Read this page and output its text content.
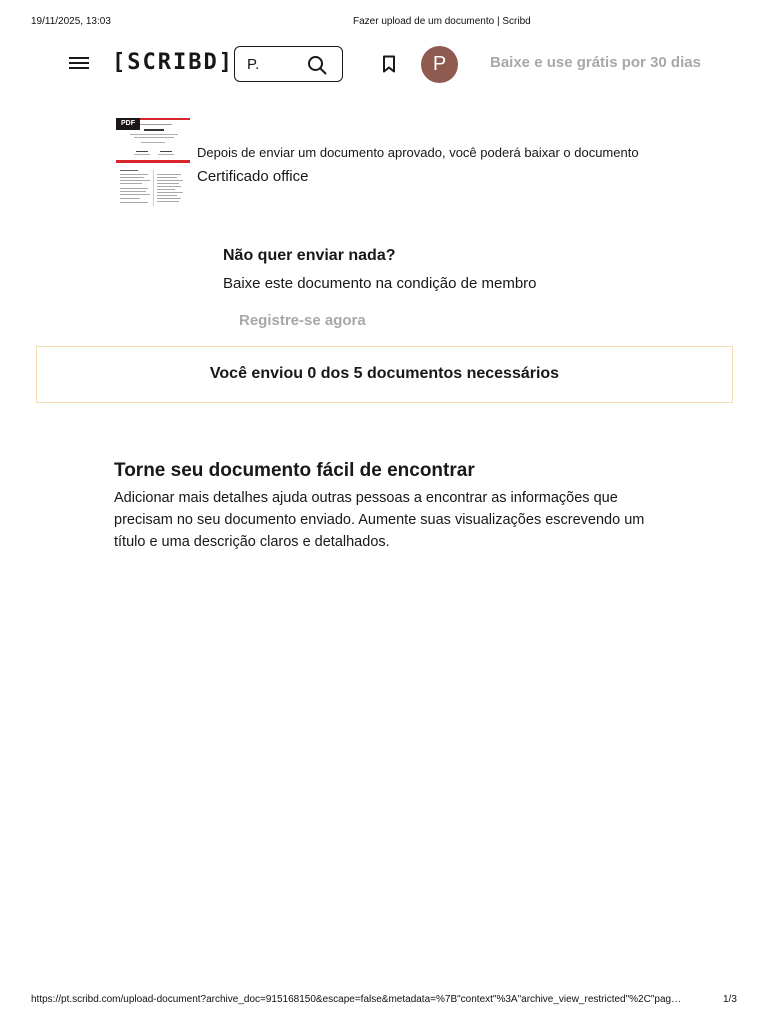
19/11/2025, 13:03	Fazer upload de um documento | Scribd
[SCRIBD]
P.	P	Baixe e use grátis por 30 dias
PDF
Depois de enviar um documento aprovado, você poderá baixar o documento
Certificado office
Não quer enviar nada?
Baixe este documento na condição de membro
Registre-se agora
Você enviou 0 dos 5 documentos necessários
Torne seu documento fácil de encontrar
Adicionar mais detalhes ajuda outras pessoas a encontrar as informações que precisam no seu documento enviado. Aumente suas visualizações escrevendo um título e uma descrição claros e detalhados.
https://pt.scribd.com/upload-document?archive_doc=915168150&escape=false&metadata=%7B"context"%3A"archive_view_restricted"%2C"pag…	1/3
